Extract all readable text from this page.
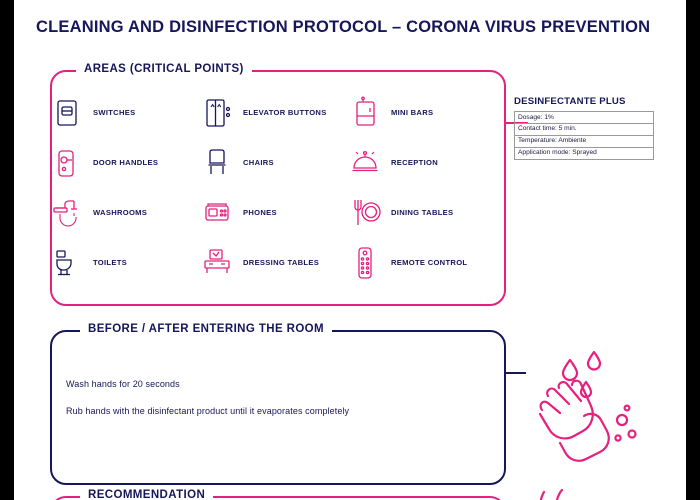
CLEANING AND DISINFECTION PROTOCOL – CORONA VIRUS PREVENTION
AREAS (CRITICAL POINTS)
SWITCHES	ELEVATOR BUTTONS	MINI BARS
DOOR HANDLES	CHAIRS	RECEPTION
WASHROOMS	PHONES	DINING TABLES
TOILETS	DRESSING TABLES	REMOTE CONTROL
DESINFECTANTE PLUS
Dosage: 1%
Contact time: 5 min.
Temperature: Ambiente
Application mode: Sprayed
BEFORE / AFTER ENTERING THE ROOM
Wash hands for 20 seconds
Rub hands with the disinfectant product until it evaporates completely
RECOMMENDATION
